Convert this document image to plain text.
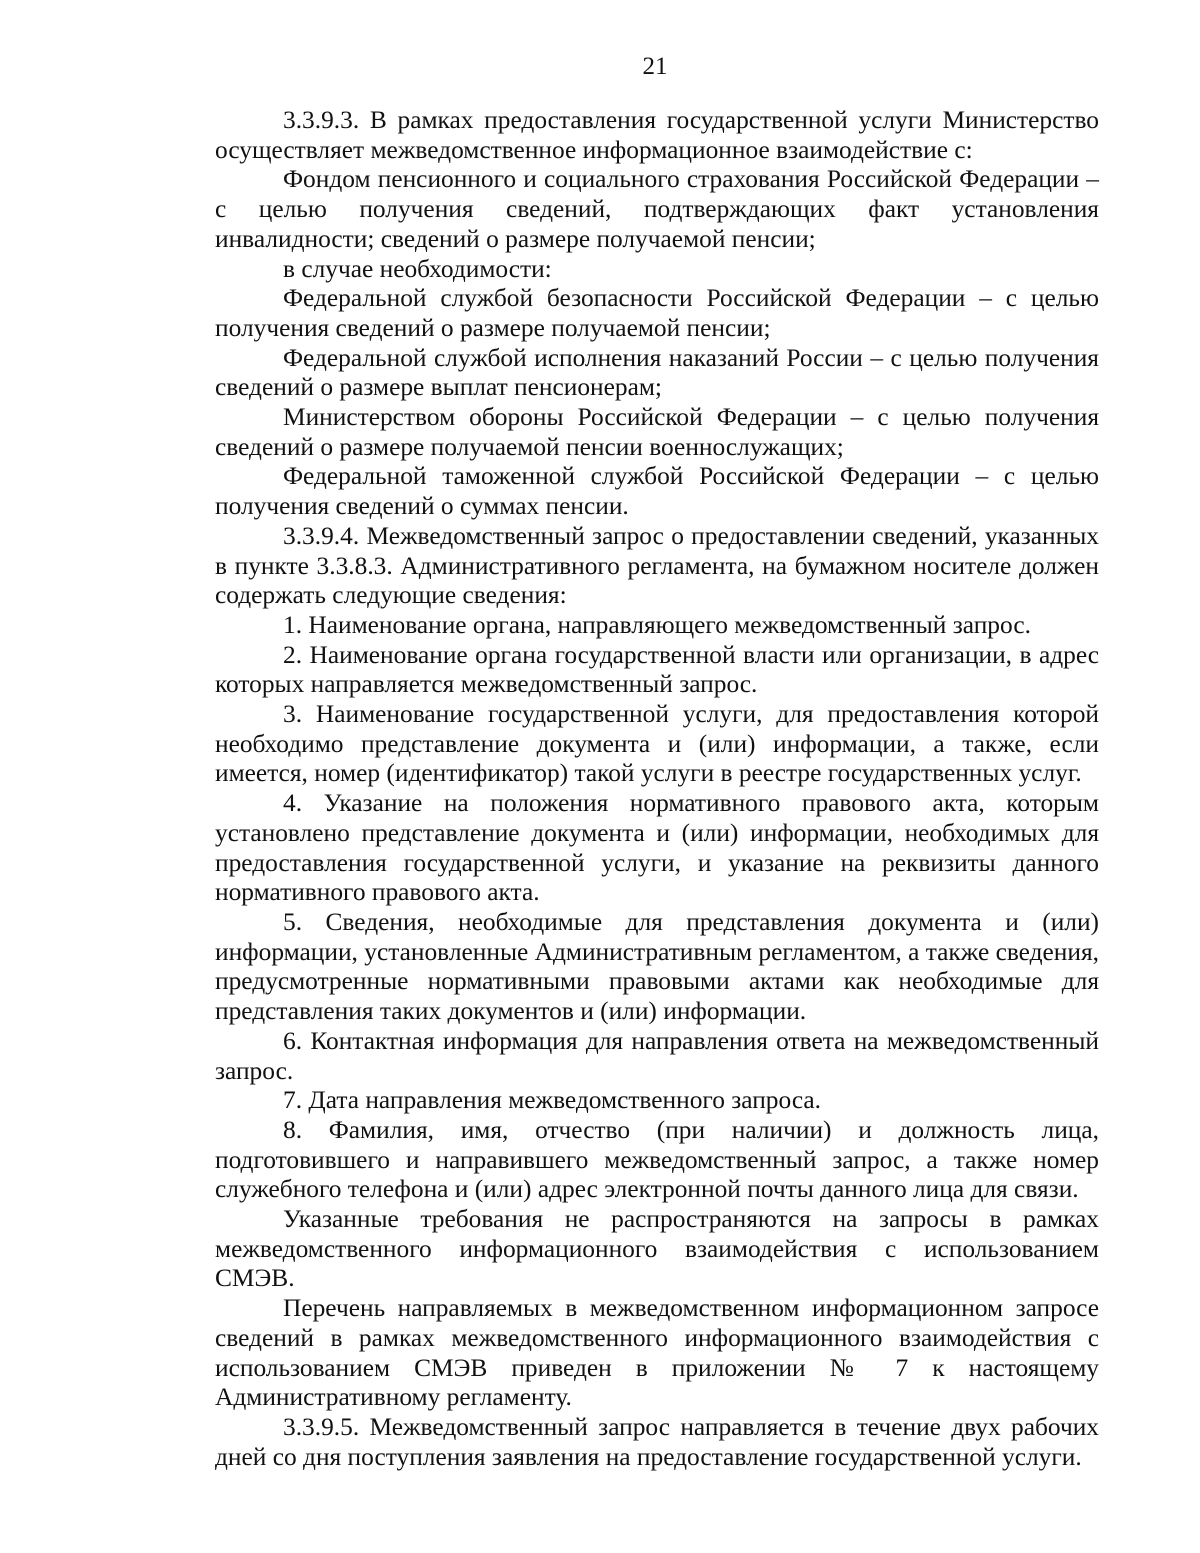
21

3.3.9.3. В рамках предоставления государственной услуги Министерство осуществляет межведомственное информационное взаимодействие с:

Фондом пенсионного и социального страхования Российской Федерации – с целью получения сведений, подтверждающих факт установления инвалидности; сведений о размере получаемой пенсии;

в случае необходимости:

Федеральной службой безопасности Российской Федерации – с целью получения сведений о размере получаемой пенсии;

Федеральной службой исполнения наказаний России – с целью получения сведений о размере выплат пенсионерам;

Министерством обороны Российской Федерации – с целью получения сведений о размере получаемой пенсии военнослужащих;

Федеральной таможенной службой Российской Федерации – с целью получения сведений о суммах пенсии.

3.3.9.4. Межведомственный запрос о предоставлении сведений, указанных в пункте 3.3.8.3. Административного регламента, на бумажном носителе должен содержать следующие сведения:

1. Наименование органа, направляющего межведомственный запрос.

2. Наименование органа государственной власти или организации, в адрес которых направляется межведомственный запрос.

3. Наименование государственной услуги, для предоставления которой необходимо представление документа и (или) информации, а также, если имеется, номер (идентификатор) такой услуги в реестре государственных услуг.

4. Указание на положения нормативного правового акта, которым установлено представление документа и (или) информации, необходимых для предоставления государственной услуги, и указание на реквизиты данного нормативного правового акта.

5. Сведения, необходимые для представления документа и (или) информации, установленные Административным регламентом, а также сведения, предусмотренные нормативными правовыми актами как необходимые для представления таких документов и (или) информации.

6. Контактная информация для направления ответа на межведомственный запрос.

7. Дата направления межведомственного запроса.

8. Фамилия, имя, отчество (при наличии) и должность лица, подготовившего и направившего межведомственный запрос, а также номер служебного телефона и (или) адрес электронной почты данного лица для связи.

Указанные требования не распространяются на запросы в рамках межведомственного информационного взаимодействия с использованием СМЭВ.

Перечень направляемых в межведомственном информационном запросе сведений в рамках межведомственного информационного взаимодействия с использованием СМЭВ приведен в приложении № 7 к настоящему Административному регламенту.

3.3.9.5. Межведомственный запрос направляется в течение двух рабочих дней со дня поступления заявления на предоставление государственной услуги.
